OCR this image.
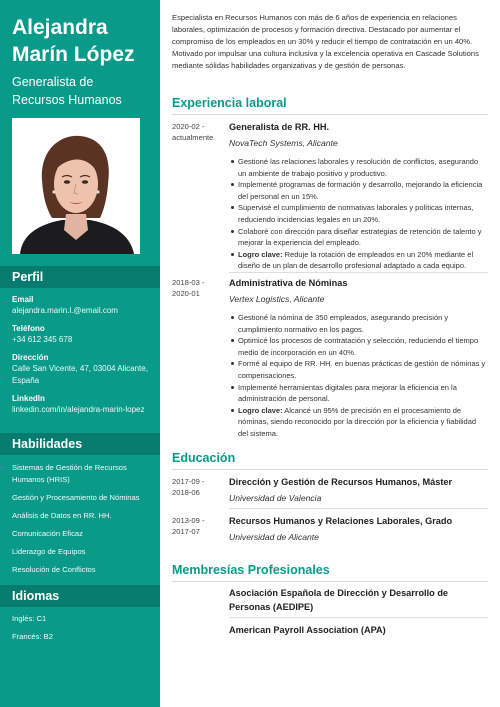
Alejandra
Marín López
Generalista de Recursos Humanos
Perfil
Email
alejandra.marin.l.@email.com
Teléfono
+34 612 345 678
Dirección
Calle San Vicente, 47, 03004 Alicante, España
LinkedIn
linkedin.com/in/alejandra-marin-lopez
Habilidades
Sistemas de Gestión de Recursos Humanos (HRIS)
Gestión y Procesamiento de Nóminas
Análisis de Datos en RR. HH.
Comunicación Eficaz
Liderazgo de Equipos
Resolución de Conflictos
Idiomas
Inglés: C1
Francés: B2
Especialista en Recursos Humanos con más de 6 años de experiencia en relaciones laborales, optimización de procesos y formación directiva. Destacado por aumentar el compromiso de los empleados en un 30% y reducir el tiempo de contratación en un 40%. Motivado por impulsar una cultura inclusiva y la excelencia operativa en Cascade Solutions mediante sólidas habilidades organizativas y de gestión de personas.
Experiencia laboral
2020-02 - actualmente
Generalista de RR. HH.
NovaTech Systems, Alicante
Gestioné las relaciones laborales y resolución de conflictos, asegurando un ambiente de trabajo positivo y productivo.
Implementé programas de formación y desarrollo, mejorando la eficiencia del personal en un 15%.
Supervisé el cumplimiento de normativas laborales y políticas internas, reduciendo incidencias legales en un 20%.
Colaboré con dirección para diseñar estrategias de retención de talento y mejorar la experiencia del empleado.
Logro clave: Reduje la rotación de empleados en un 20% mediante el diseño de un plan de desarrollo profesional adaptado a cada equipo.
2018-03 - 2020-01
Administrativa de Nóminas
Vertex Logistics, Alicante
Gestioné la nómina de 350 empleados, asegurando precisión y cumplimiento normativo en los pagos.
Optimicé los procesos de contratación y selección, reduciendo el tiempo medio de incorporación en un 40%.
Formé al equipo de RR. HH. en buenas prácticas de gestión de nóminas y compensaciones.
Implementé herramientas digitales para mejorar la eficiencia en la administración de personal.
Logro clave: Alcancé un 95% de precisión en el procesamiento de nóminas, siendo reconocido por la dirección por la eficiencia y fiabilidad del sistema.
Educación
2017-09 - 2018-06
Dirección y Gestión de Recursos Humanos, Máster
Universidad de Valencia
2013-09 - 2017-07
Recursos Humanos y Relaciones Laborales, Grado
Universidad de Alicante
Membresías Profesionales
Asociación Española de Dirección y Desarrollo de Personas (AEDIPE)
American Payroll Association (APA)
